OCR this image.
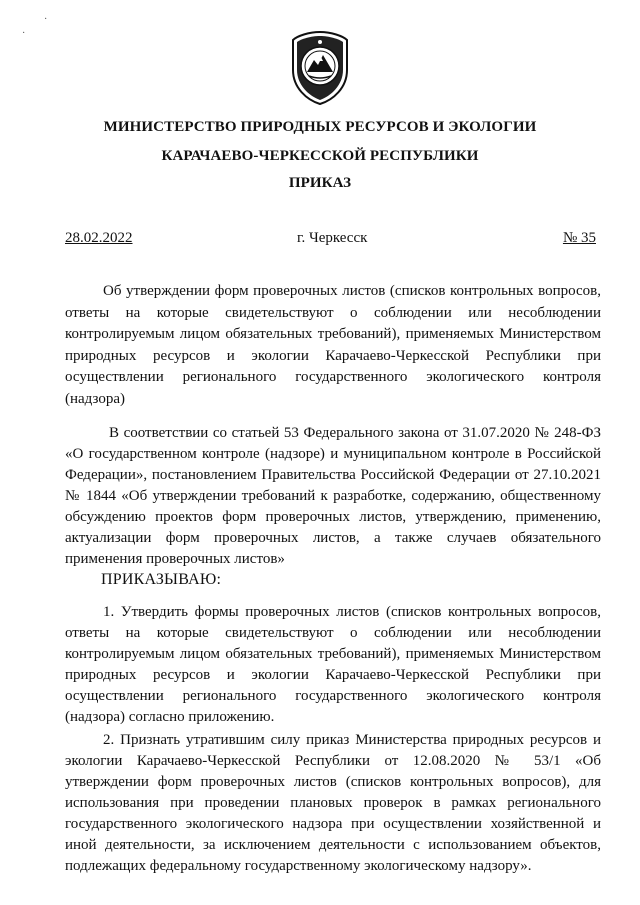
·
·
МИНИСТЕРСТВО ПРИРОДНЫХ РЕСУРСОВ И ЭКОЛОГИИ
КАРАЧАЕВО-ЧЕРКЕССКОЙ РЕСПУБЛИКИ
ПРИКАЗ
28.02.2022	г. Черкесск	№ 35

Об утверждении форм проверочных листов (списков контрольных вопросов, ответы на которые свидетельствуют о соблюдении или несоблюдении контролируемым лицом обязательных требований), применяемых Министерством природных ресурсов и экологии Карачаево-Черкесской Республики при осуществлении регионального государственного экологического контроля (надзора)

В соответствии со статьей 53 Федерального закона от 31.07.2020 № 248-ФЗ «О государственном контроле (надзоре) и муниципальном контроле в Российской Федерации», постановлением Правительства Российской Федерации от 27.10.2021 № 1844 «Об утверждении требований к разработке, содержанию, общественному обсуждению проектов форм проверочных листов, утверждению, применению, актуализации форм проверочных листов, а также случаев обязательного применения проверочных листов»

ПРИКАЗЫВАЮ:

1. Утвердить формы проверочных листов (списков контрольных вопросов, ответы на которые свидетельствуют о соблюдении или несоблюдении контролируемым лицом обязательных требований), применяемых Министерством природных ресурсов и экологии Карачаево-Черкесской Республики при осуществлении регионального государственного экологического контроля (надзора) согласно приложению.

2. Признать утратившим силу приказ Министерства природных ресурсов и экологии Карачаево-Черкесской Республики от 12.08.2020 № 53/1 «Об утверждении форм проверочных листов (списков контрольных вопросов), для использования при проведении плановых проверок в рамках регионального государственного экологического надзора при осуществлении хозяйственной и иной деятельности, за исключением деятельности с использованием объектов, подлежащих федеральному государственному экологическому надзору».
